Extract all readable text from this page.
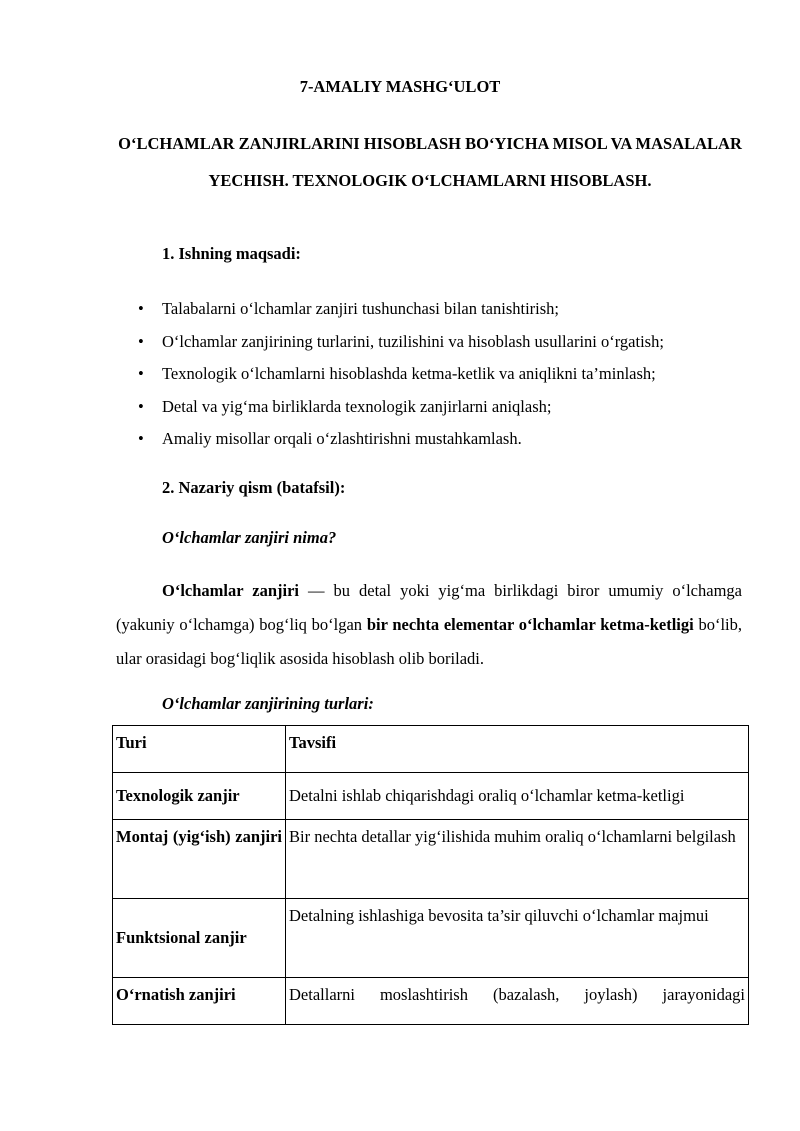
7-AMALIY MASHG‘ULOT
O‘LCHAMLAR ZANJIRLARINI HISOBLASH BO‘YICHA MISOL VA MASALALAR YECHISH. TEXNOLOGIK O‘LCHAMLARNI HISOBLASH.
1. Ishning maqsadi:
• Talabalarni o‘lchamlar zanjiri tushunchasi bilan tanishtirish;
• O‘lchamlar zanjirining turlarini, tuzilishini va hisoblash usullarini o‘rgatish;
• Texnologik o‘lchamlarni hisoblashda ketma-ketlik va aniqlikni ta’minlash;
• Detal va yig‘ma birliklarda texnologik zanjirlarni aniqlash;
• Amaliy misollar orqali o‘zlashtirishni mustahkamlash.
2. Nazariy qism (batafsil):
O‘lchamlar zanjiri nima?
O‘lchamlar zanjiri — bu detal yoki yig‘ma birlikdagi biror umumiy o‘lchamga (yakuniy o‘lchamga) bog‘liq bo‘lgan bir nechta elementar o‘lchamlar ketma-ketligi bo‘lib, ular orasidagi bog‘liqlik asosida hisoblash olib boriladi.
O‘lchamlar zanjirining turlari:
Turi	Tavsifi
Texnologik zanjir	Detalni ishlab chiqarishdagi oraliq o‘lchamlar ketma-ketligi
Montaj (yig‘ish) zanjiri	Bir nechta detallar yig‘ilishida muhim oraliq o‘lchamlarni belgilash
Funktsional zanjir	Detalning ishlashiga bevosita ta’sir qiluvchi o‘lchamlar majmui
O‘rnatish zanjiri	Detallarni moslashtirish (bazalash, joylash) jarayonidagi
